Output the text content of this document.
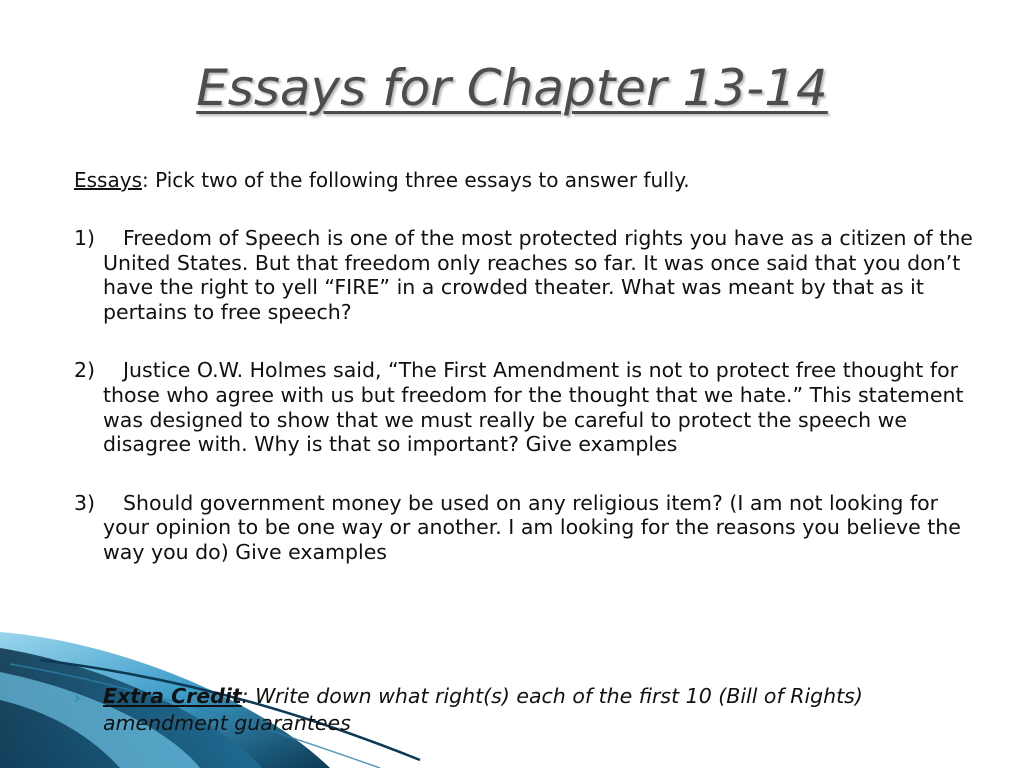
Essays for Chapter 13-14

Essays: Pick two of the following three essays to answer fully.

1) Freedom of Speech is one of the most protected rights you have as a citizen of the United States. But that freedom only reaches so far. It was once said that you don’t have the right to yell “FIRE” in a crowded theater. What was meant by that as it pertains to free speech?

2) Justice O.W. Holmes said, “The First Amendment is not to protect free thought for those who agree with us but freedom for the thought that we hate.” This statement was designed to show that we must really be careful to protect the speech we disagree with. Why is that so important? Give examples

3) Should government money be used on any religious item? (I am not looking for your opinion to be one way or another. I am looking for the reasons you believe the way you do) Give examples

› Extra Credit: Write down what right(s) each of the first 10 (Bill of Rights) amendment guarantees
